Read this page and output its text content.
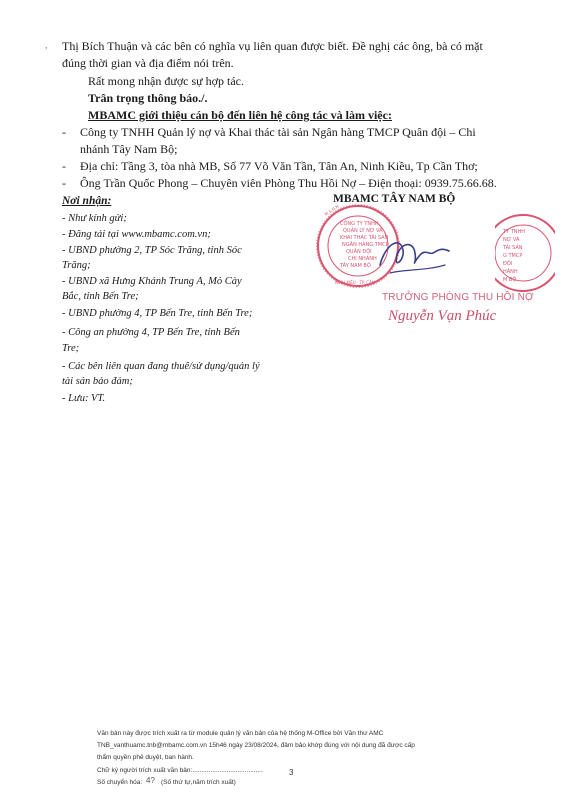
, Thị Bích Thuận và các bên có nghĩa vụ liên quan được biết. Đề nghị các ông, bà có mặt
đúng thời gian và địa điểm nói trên.
Rất mong nhận được sự hợp tác.
Trân trọng thông báo./.
MBAMC giới thiệu cán bộ đến liên hệ công tác và làm việc:
- Công ty TNHH Quản lý nợ và Khai thác tài sản Ngân hàng TMCP Quân đội – Chi
nhánh Tây Nam Bộ;
- Địa chỉ: Tầng 3, tòa nhà MB, Số 77 Võ Văn Tần, Tân An, Ninh Kiều, Tp Cần Thơ;
- Ông Trần Quốc Phong – Chuyên viên Phòng Thu Hồi Nợ – Điện thoại: 0939.75.66.68.
Nơi nhận:
- Như kính gửi;
- Đăng tải tại www.mbamc.com.vn;
- UBND phường 2, TP Sóc Trăng, tỉnh Sóc
Trăng;
- UBND xã Hưng Khánh Trung A, Mỏ Cày
Bắc, tỉnh Bến Tre;
- UBND phường 4, TP Bến Tre, tỉnh Bến Tre;
- Công an phường 4, TP Bến Tre, tỉnh Bến
Tre;
- Các bên liên quan đang thuê/sử dụng/quản lý
tài sản bảo đảm;
- Lưu: VT.
MBAMC TÂY NAM BỘ
CÔNG TY TNHH
QUẢN LÝ NỢ VÀ
KHAI THÁC TÀI SẢN
NGÂN HÀNG TMCP
QUÂN ĐỘI
CHI NHÁNH
TÂY NAM BỘ
M.S.D.N	* * *
NINH KIỀU · TP. CẦN
TY TNHH
NỢ VÀ
TÀI SẢN
G TMCP
ĐỘI
HÁNH
M BỘ
TRƯỞNG PHÒNG THU HỒI NỢ
Nguyễn Vạn Phúc
Văn bản này được trích xuất ra từ module quản lý văn bản của hệ thống M-Office bởi Văn thư AMC
TNB_vanthuamc.tnb@mbamc.com.vn 15h46 ngày 23/08/2024, đảm bảo khớp đúng với nội dung đã được cấp
thẩm quyền phê duyệt, ban hành.
Chữ ký người trích xuất văn bản:.......................................	3
Số chuyển hóa: 4? (Số thứ tự,năm trích xuất)
